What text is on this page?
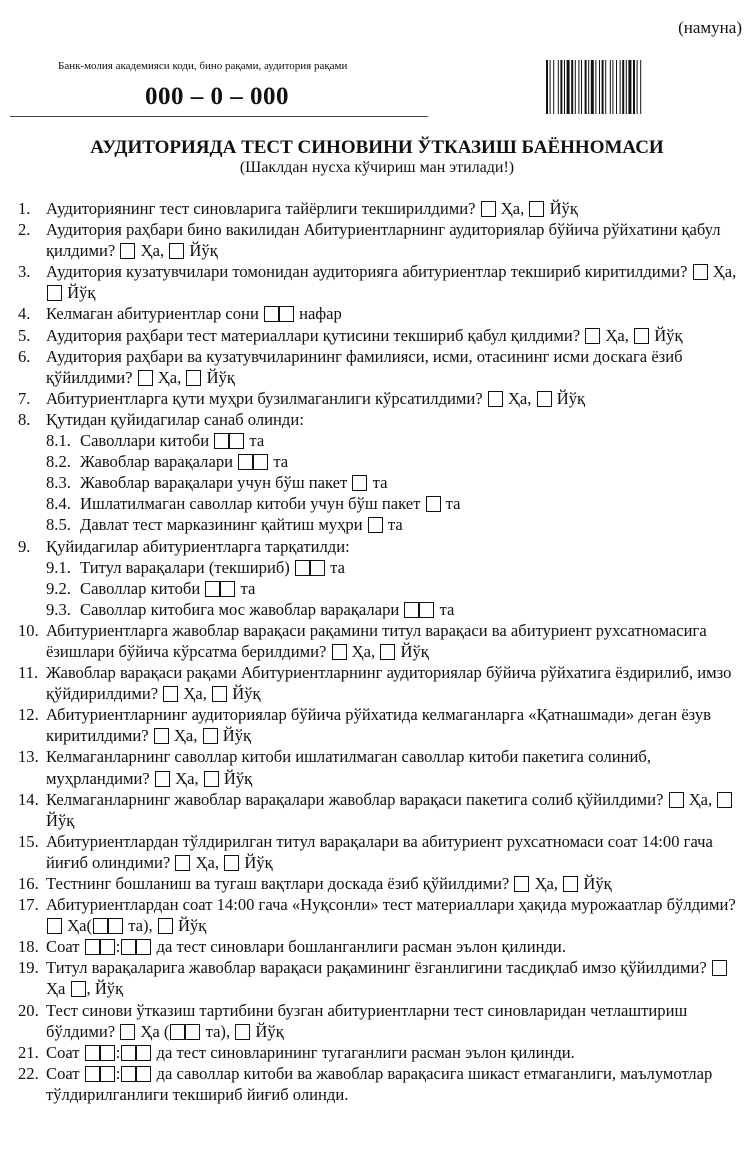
(намуна)
Банк-молия академияси коди, бино рақами, аудитория рақами
000 – 0 – 000
АУДИТОРИЯДА ТЕСТ СИНОВИНИ ЎТКАЗИШ БАЁННОМАСИ
(Шаклдан нусха кўчириш ман этилади!)
1. Аудиториянинг тест синовларига тайёрлиги текширилдими? Ҳа, Йўқ
2. Аудитория раҳбари бино вакилидан Абитуриентларнинг аудиториялар бўйича рўйхатини қабул қилдими? Ҳа, Йўқ
3. Аудитория кузатувчилари томонидан аудиторияга абитуриентлар текшириб киритилдими? Ҳа,  Йўқ
4. Келмаган абитуриентлар сони нафар
5. Аудитория раҳбари тест материаллари қутисини текшириб қабул қилдими? Ҳа, Йўқ
6. Аудитория раҳбари ва кузатувчиларининг фамилияси, исми, отасининг исми доскага ёзиб қўйилдими? Ҳа, Йўқ
7. Абитуриентларга қути муҳри бузилмаганлиги кўрсатилдими? Ҳа, Йўқ
8. Қутидан қуйидагилар санаб олинди:
8.1. Саволлари китоби та
8.2. Жавоблар варақалари та
8.3. Жавоблар варақалари учун бўш пакет та
8.4. Ишлатилмаган саволлар китоби учун бўш пакет та
8.5. Давлат тест марказининг қайтиш муҳри та
9. Қуйидагилар абитуриентларга тарқатилди:
9.1. Титул варақалари (текшириб) та
9.2. Саволлар китоби та
9.3. Саволлар китобига мос жавоблар варақалари та
10. Абитуриентларга жавоблар варақаси рақамини титул варақаси ва абитуриент рухсатномасига ёзишлари бўйича кўрсатма берилдими? Ҳа, Йўқ
11. Жавоблар варақаси рақами Абитуриентларнинг аудиториялар бўйича рўйхатига ёздирилиб, имзо қўйдирилдими? Ҳа, Йўқ
12. Абитуриентларнинг аудиториялар бўйича рўйхатида келмаганларга «Қатнашмади» деган ёзув киритилдими? Ҳа, Йўқ
13. Келмаганларнинг саволлар китоби ишлатилмаган саволлар китоби пакетига солиниб, муҳрландими? Ҳа, Йўқ
14. Келмаганларнинг жавоблар варақалари жавоблар варақаси пакетига солиб қўйилдими? Ҳа,  Йўқ
15. Абитуриентлардан тўлдирилган титул варақалари ва абитуриент рухсатномаси соат 14:00 гача йиғиб олиндими? Ҳа, Йўқ
16. Тестнинг бошланиш ва тугаш вақтлари доскада ёзиб қўйилдими? Ҳа, Йўқ
17. Абитуриентлардан соат 14:00 гача «Нуқсонли» тест материаллари ҳақида мурожаатлар бўлдими?  Ҳа( та), Йўқ
18. Соат : да тест синовлари бошланганлиги расман эълон қилинди.
19. Титул варақаларига жавоблар варақаси рақамининг ёзганлигини тасдиқлаб имзо қўйилдими?  Ҳа , Йўқ
20. Тест синови ўтказиш тартибини бузган абитуриентларни тест синовларидан четлаштириш бўлдими? Ҳа ( та), Йўқ
21. Соат : да тест синовларининг тугаганлиги расман эълон қилинди.
22. Соат : да саволлар китоби ва жавоблар варақасига шикаст етмаганлиги, маълумотлар тўлдирилганлиги текшириб йиғиб олинди.
